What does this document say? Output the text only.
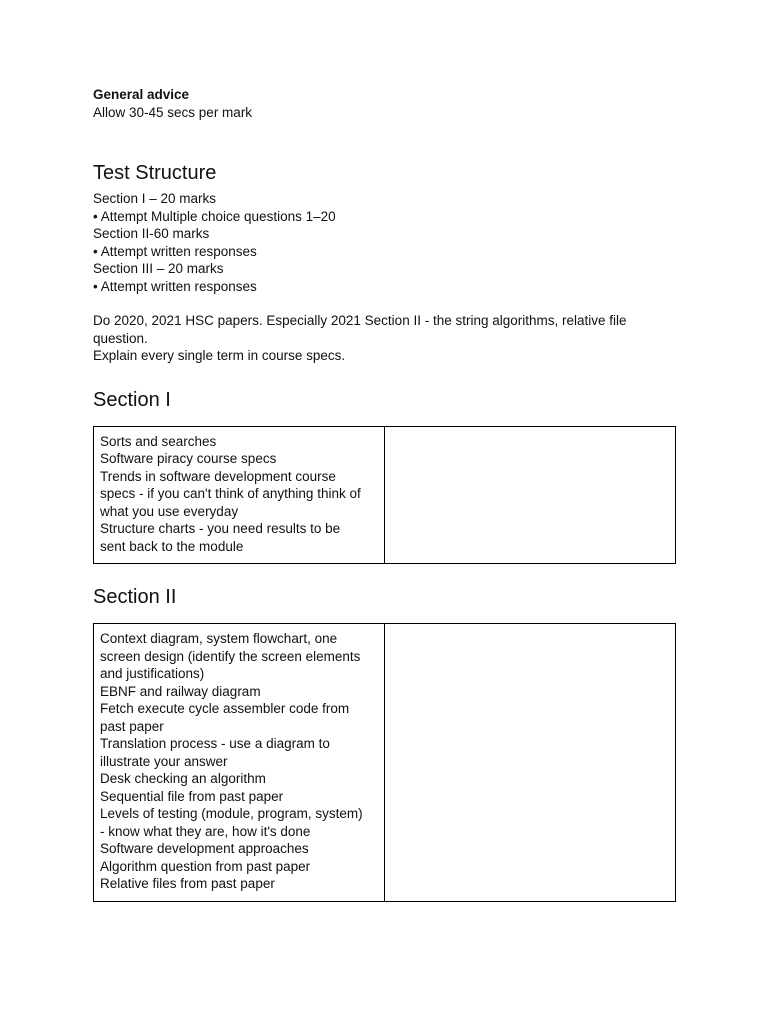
General advice

Allow 30-45 secs per mark

Test Structure

Section I – 20 marks

• Attempt Multiple choice questions 1–20

Section II-60 marks

• Attempt written responses

Section III – 20 marks

• Attempt written responses

Do 2020, 2021 HSC papers. Especially 2021 Section II - the string algorithms, relative file

question.

Explain every single term in course specs.

Section I

Sorts and searches

Software piracy course specs

Trends in software development course

specs - if you can't think of anything think of

what you use everyday

Structure charts - you need results to be

sent back to the module

Section II

Context diagram, system flowchart, one

screen design (identify the screen elements

and justifications)

EBNF and railway diagram

Fetch execute cycle assembler code from

past paper

Translation process - use a diagram to

illustrate your answer

Desk checking an algorithm

Sequential file from past paper

Levels of testing (module, program, system)

- know what they are, how it's done

Software development approaches

Algorithm question from past paper

Relative files from past paper
